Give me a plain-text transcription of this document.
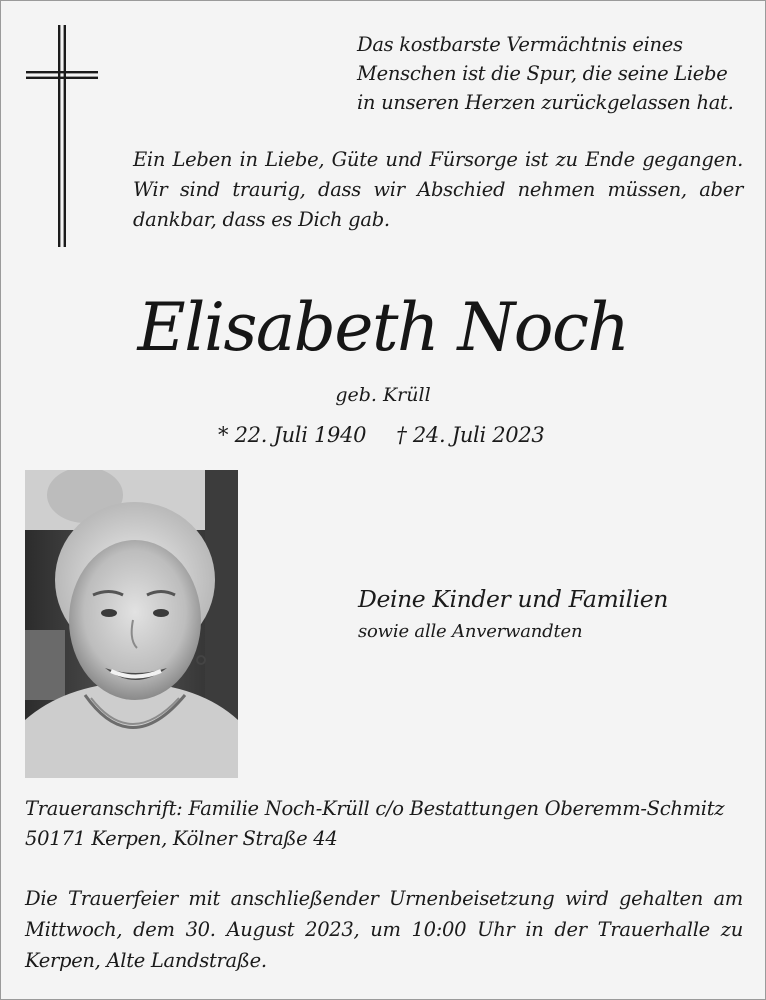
Das kostbarste Vermächtnis eines
Menschen ist die Spur, die seine Liebe
in unseren Herzen zurückgelassen hat.
Ein Leben in Liebe, Güte und Fürsorge ist zu Ende gegangen. Wir sind traurig, dass wir Abschied nehmen müssen, aber dankbar, dass es Dich gab.
Elisabeth Noch
geb. Krüll
* 22. Juli 1940 † 24. Juli 2023
Deine Kinder und Familien
sowie alle Anverwandten
Traueranschrift: Familie Noch-Krüll c/o Bestattungen Oberemm-Schmitz
50171 Kerpen, Kölner Straße 44
Die Trauerfeier mit anschließender Urnenbeisetzung wird gehalten am Mittwoch, dem 30. August 2023, um 10:00 Uhr in der Trauerhalle zu Kerpen, Alte Landstraße.
